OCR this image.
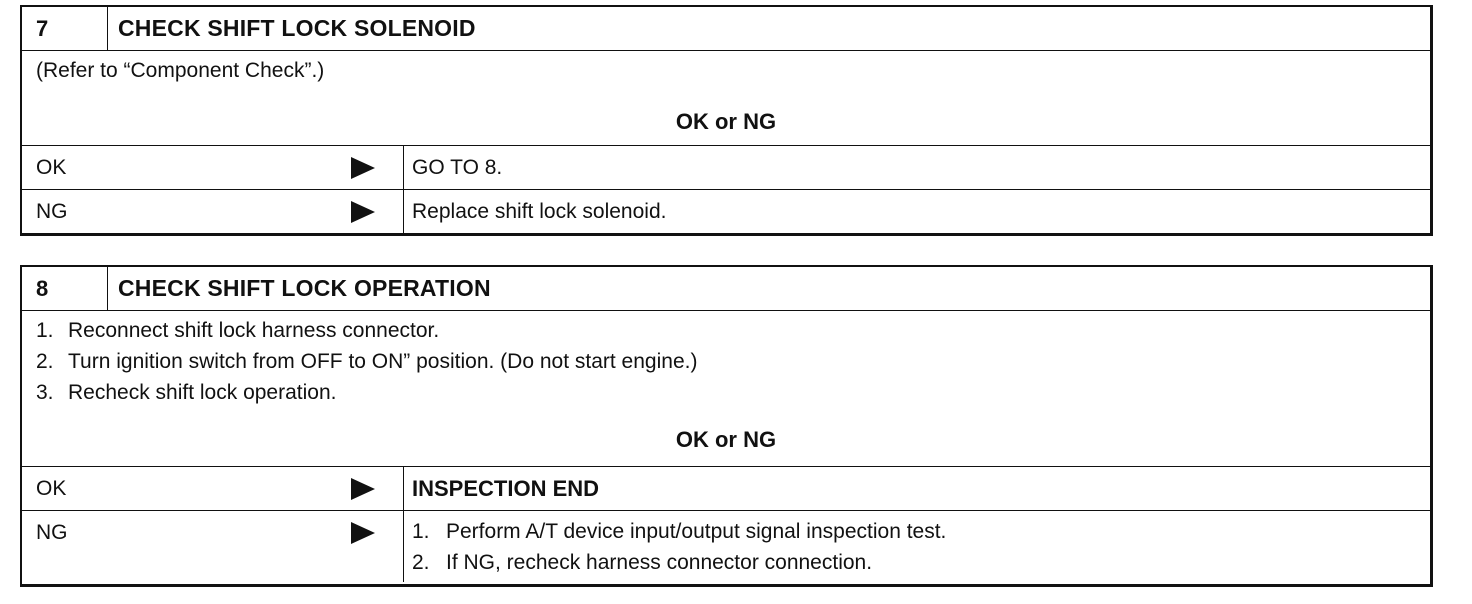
7	CHECK SHIFT LOCK SOLENOID

(Refer to “Component Check”.)

OK or NG
OK	GO TO 8.
NG	Replace shift lock solenoid.
8	CHECK SHIFT LOCK OPERATION

1. Reconnect shift lock harness connector.

2. Turn ignition switch from OFF to ON” position. (Do not start engine.)

3. Recheck shift lock operation.

OK or NG
OK	INSPECTION END
NG	1. Perform A/T device input/output signal inspection test.
2. If NG, recheck harness connector connection.
